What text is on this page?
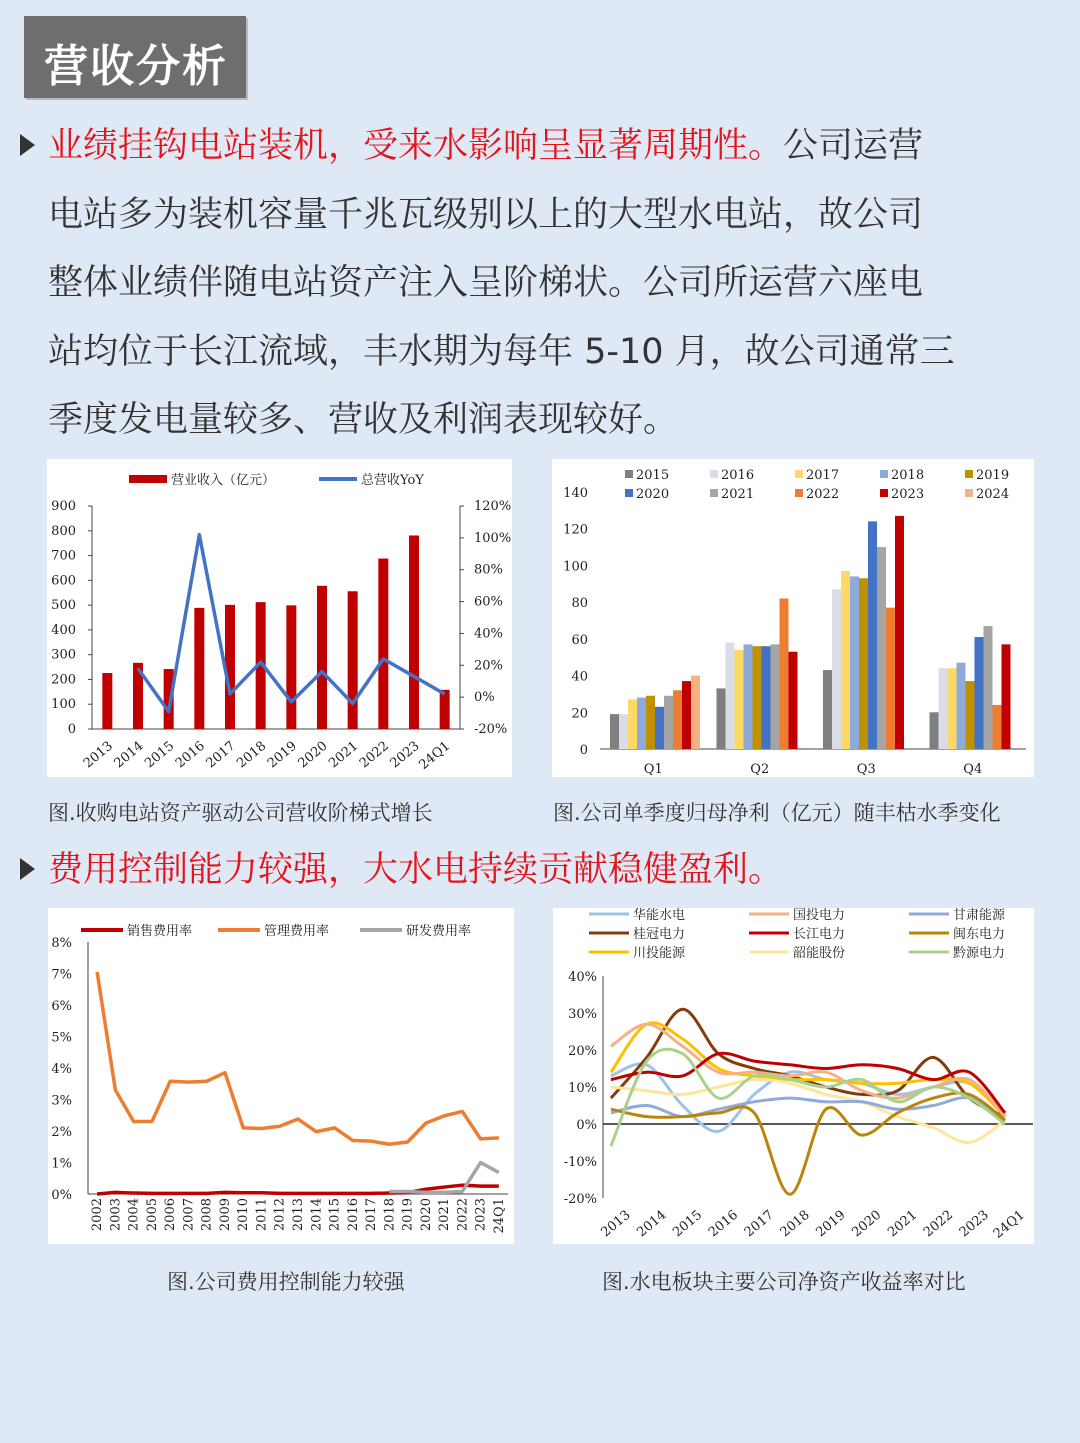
营收分析
业绩挂钩电站装机，受来水影响呈显著周期性。公司运营
电站多为装机容量千兆瓦级别以上的大型水电站，故公司
整体业绩伴随电站资产注入呈阶梯状。公司所运营六座电
站均位于长江流域，丰水期为每年 5-10 月，故公司通常三
季度发电量较多、营收及利润表现较好。
营业收入（亿元）	总营收YoY
900
800
700
600
500
400
300
200
100
0
120%
100%
80%
60%
40%
20%
0%
-20%
2013
2014
2015
2016
2017
2018
2019
2020
2021
2022
2023
24Q1
2015	2016	2017	2018	2019
2020	2021	2022	2023	2024
140
120
100
80
60
40
20
0
Q1	Q2	Q3	Q4
图.收购电站资产驱动公司营收阶梯式增长	图.公司单季度归母净利（亿元）随丰枯水季变化
费用控制能力较强，大水电持续贡献稳健盈利。
销售费用率	管理费用率	研发费用率
8%
7%
6%
5%
4%
3%
2%
1%
0%
2002 2003 2004 2005 2006 2007 2008 2009 2010 2011 2012 2013 2014 2015 2016 2017 2018 2019 2020 2021 2022 2023 24Q1
华能水电
桂冠电力
川投能源
国投电力
长江电力
韶能股份
甘肃能源
闽东电力
黔源电力
40%
30%
20%
10%
0%
-10%
-20%
2013 2014 2015 2016 2017 2018 2019 2020 2021 2022 2023 24Q1
图.公司费用控制能力较强	图.水电板块主要公司净资产收益率对比
